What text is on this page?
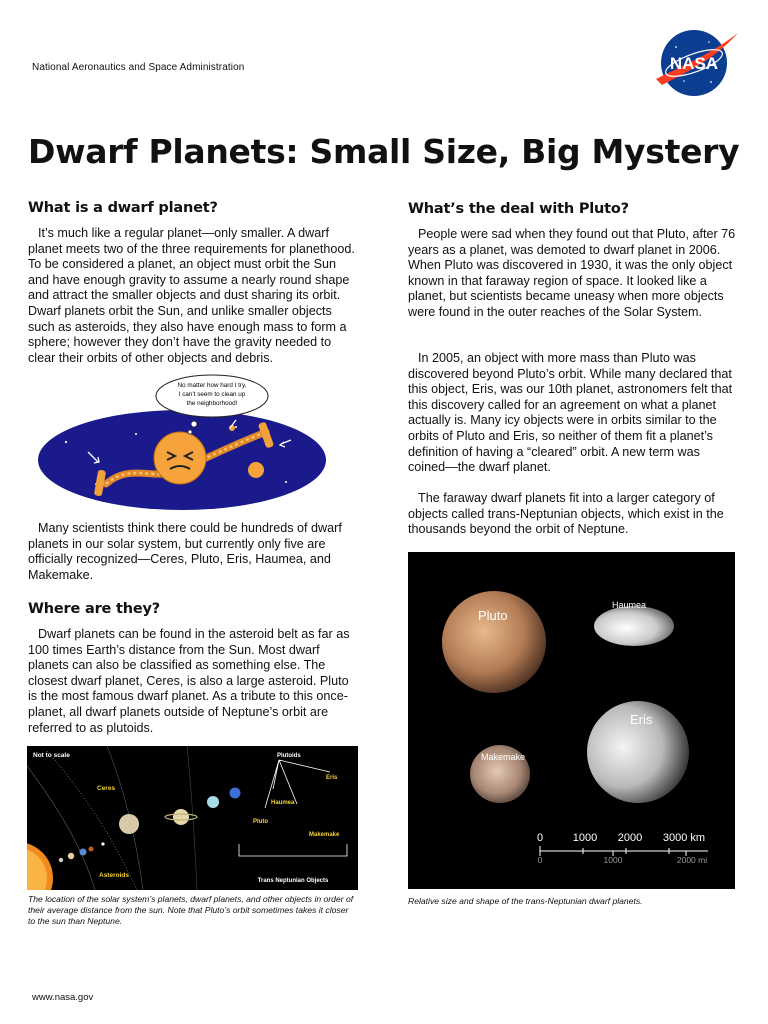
National Aeronautics and Space Administration	NASA
Dwarf Planets: Small Size, Big Mystery
What is a dwarf planet?

It’s much like a regular planet—only smaller. A dwarf planet meets two of the three requirements for planethood. To be considered a planet, an object must orbit the Sun and have enough gravity to assume a nearly round shape and attract the smaller objects and dust sharing its orbit. Dwarf planets orbit the Sun, and unlike smaller objects such as asteroids, they also have enough mass to form a sphere; however they don’t have the gravity needed to clear their orbits of other objects and debris.

No matter how hard I try,
I can’t seem to clean up
the neighborhood!

Many scientists think there could be hundreds of dwarf planets in our solar system, but currently only five are officially recognized—Ceres, Pluto, Eris, Haumea, and Makemake.

Where are they?

Dwarf planets can be found in the asteroid belt as far as 100 times Earth’s distance from the Sun. Most dwarf planets can also be classified as something else. The closest dwarf planet, Ceres, is also a large asteroid. Pluto is the most famous dwarf planet. As a tribute to this once-planet, all dwarf planets outside of Neptune’s orbit are referred to as plutoids.

Not to scale
Ceres
Asteroids
Plutoids
Eris
Haumea
Pluto
Makemake
Trans Neptunian Objects

The location of the solar system’s planets, dwarf planets, and other objects in order of their average distance from the sun. Note that Pluto’s orbit sometimes takes it closer to the sun than Neptune.

What’s the deal with Pluto?

People were sad when they found out that Pluto, after 76 years as a planet, was demoted to dwarf planet in 2006. When Pluto was discovered in 1930, it was the only object known in that faraway region of space. It looked like a planet, but scientists became uneasy when more objects were found in the outer reaches of the Solar System.

In 2005, an object with more mass than Pluto was discovered beyond Pluto’s orbit. While many declared that this object, Eris, was our 10th planet, astronomers felt that this discovery called for an agreement on what a planet actually is. Many icy objects were in orbits similar to the orbits of Pluto and Eris, so neither of them fit a planet’s definition of having a “cleared” orbit. A new term was coined—the dwarf planet.

The faraway dwarf planets fit into a larger category of objects called trans-Neptunian objects, which exist in the thousands beyond the orbit of Neptune.

Pluto
Haumea
Eris
Makemake
0	1000 2000 3000 km
0	1000	2000 mi

Relative size and shape of the trans-Neptunian dwarf planets.

www.nasa.gov
